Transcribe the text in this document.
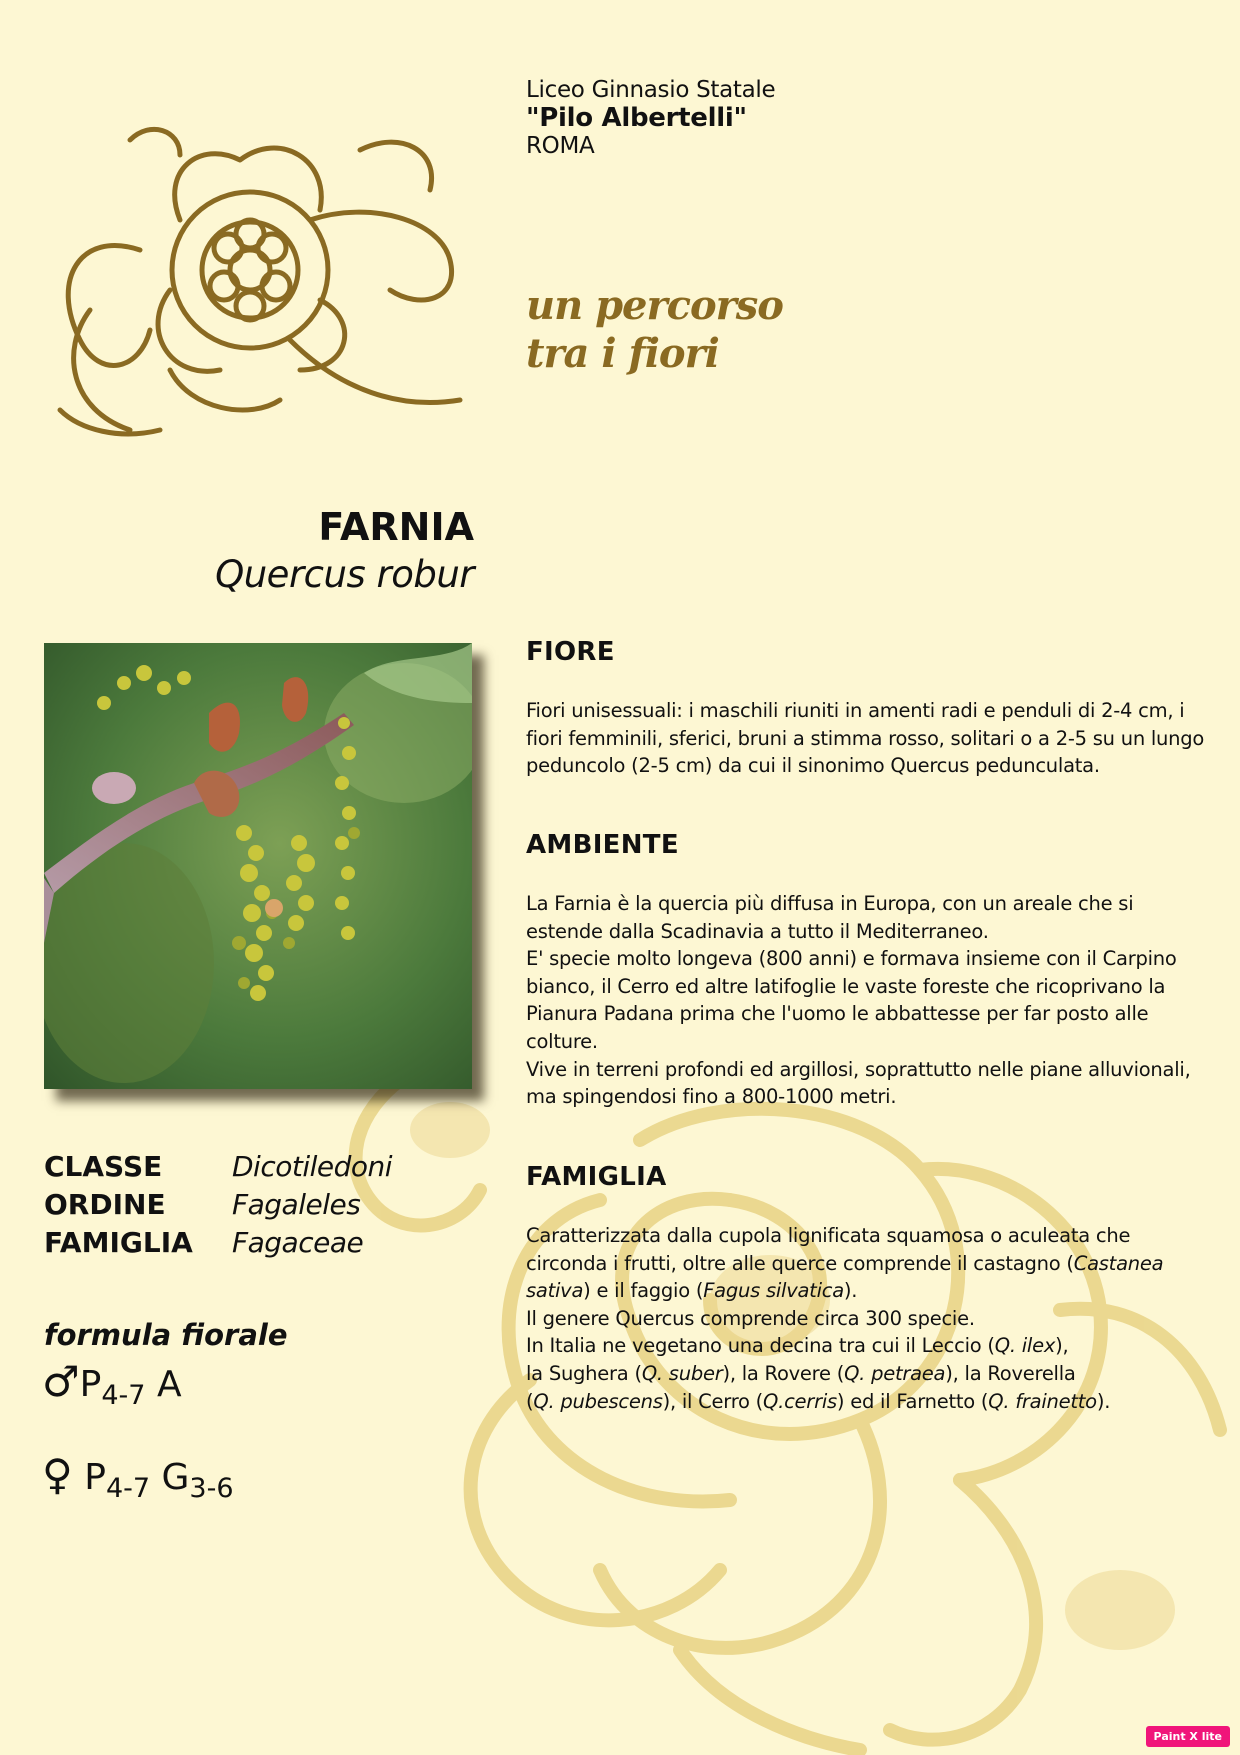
Liceo Ginnasio Statale
"Pilo Albertelli"
ROMA
un percorso
tra i fiori
FARNIA
Quercus robur
CLASSE	Dicotiledoni
ORDINE	Fagaleles
FAMIGLIA	Fagaceae
formula fiorale
$♂P_{4-7}$ A
♀ $P_{4-7}$ $G_{3-6}$
FIORE

Fiori unisessuali: i maschili riuniti in amenti radi e penduli di 2-4 cm, i fiori femminili, sferici, bruni a stimma rosso, solitari o a 2-5 su un lungo peduncolo (2-5 cm) da cui il sinonimo Quercus pedunculata.

AMBIENTE

La Farnia è la quercia più diffusa in Europa, con un areale che si estende dalla Scadinavia a tutto il Mediterraneo.

E' specie molto longeva (800 anni) e formava insieme con il Carpino bianco, il Cerro ed altre latifoglie le vaste foreste che ricoprivano la Pianura Padana prima che l'uomo le abbattesse per far posto alle colture.

Vive in terreni profondi ed argillosi, soprattutto nelle piane alluvionali, ma spingendosi fino a 800-1000 metri.

FAMIGLIA

Caratterizzata dalla cupola lignificata squamosa o aculeata che circonda i frutti, oltre alle querce comprende il castagno (Castanea sativa) e il faggio (Fagus silvatica).

Il genere Quercus comprende circa 300 specie.

In Italia ne vegetano una decina tra cui il Leccio (Q. ilex),

la Sughera (Q. suber), la Rovere (Q. petraea), la Roverella

(Q. pubescens), il Cerro (Q.cerris) ed il Farnetto (Q. frainetto).

Paint X lite
